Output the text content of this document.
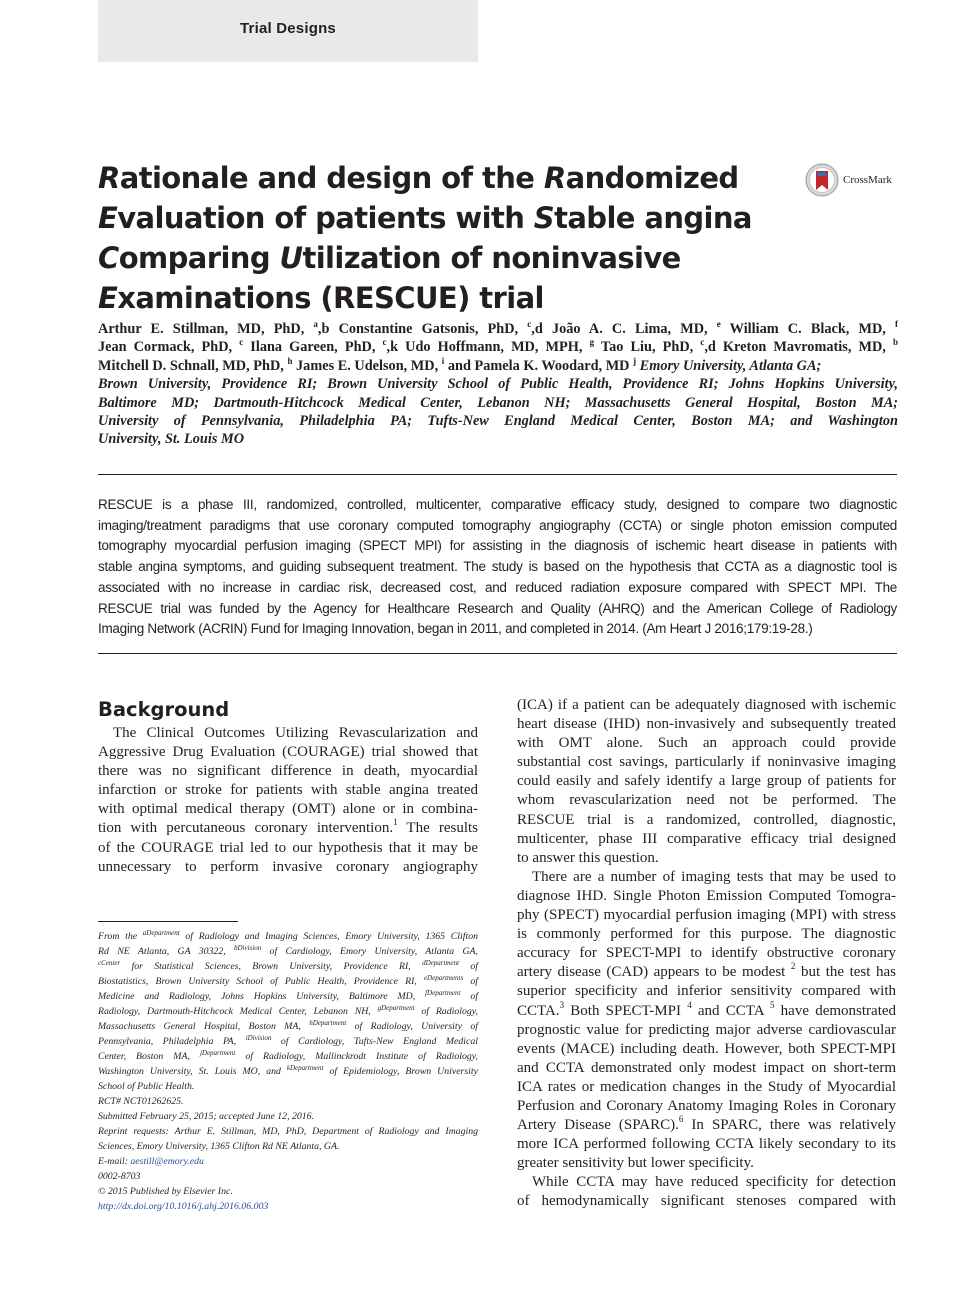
Trial Designs
Rationale and design of the Randomized
Evaluation of patients with Stable angina
Comparing Utilization of noninvasive
Examinations (RESCUE) trial
CrossMark
Arthur E. Stillman, MD, PhD, $^a$,b Constantine Gatsonis, PhD, $^c$,d João A. C. Lima, MD, $^e$ William C. Black, MD, $^f$
Jean Cormack, PhD, $^c$ Ilana Gareen, PhD, $^c$,k Udo Hoffmann, MD, MPH, $^g$ Tao Liu, PhD, $^c$,d Kreton Mavromatis, MD, $^b$
Mitchell D. Schnall, MD, PhD, $^h$ James E. Udelson, MD, $^i$ and Pamela K. Woodard, MD $^j$ Emory University, Atlanta GA;
Brown University, Providence RI; Brown University School of Public Health, Providence RI; Johns Hopkins University,
Baltimore MD; Dartmouth-Hitchcock Medical Center, Lebanon NH; Massachusetts General Hospital, Boston MA;
University of Pennsylvania, Philadelphia PA; Tufts-New England Medical Center, Boston MA; and Washington
University, St. Louis MO
RESCUE is a phase III, randomized, controlled, multicenter, comparative efficacy study, designed to compare two diagnostic
imaging/treatment paradigms that use coronary computed tomography angiography (CCTA) or single photon emission computed
tomography myocardial perfusion imaging (SPECT MPI) for assisting in the diagnosis of ischemic heart disease in patients with
stable angina symptoms, and guiding subsequent treatment. The study is based on the hypothesis that CCTA as a diagnostic tool is
associated with no increase in cardiac risk, decreased cost, and reduced radiation exposure compared with SPECT MPI. The
RESCUE trial was funded by the Agency for Healthcare Research and Quality (AHRQ) and the American College of Radiology
Imaging Network (ACRIN) Fund for Imaging Innovation, began in 2011, and completed in 2014. (Am Heart J 2016;179:19-28.)
Background

The Clinical Outcomes Utilizing Revascularization and
Aggressive Drug Evaluation (COURAGE) trial showed that
there was no significant difference in death, myocardial
infarction or stroke for patients with stable angina treated
with optimal medical therapy (OMT) alone or in combina-
tion with percutaneous coronary intervention.$^1$ The results
of the COURAGE trial led to our hypothesis that it may be
unnecessary to perform invasive coronary angiography

(ICA) if a patient can be adequately diagnosed with ischemic
heart disease (IHD) non-invasively and subsequently treated
with OMT alone. Such an approach could provide
substantial cost savings, particularly if noninvasive imaging
could easily and safely identify a large group of patients for
whom revascularization need not be performed. The
RESCUE trial is a randomized, controlled, diagnostic,
multicenter, phase III comparative efficacy trial designed
to answer this question.

There are a number of imaging tests that may be used to
diagnose IHD. Single Photon Emission Computed Tomogra-
phy (SPECT) myocardial perfusion imaging (MPI) with stress
is commonly performed for this purpose. The diagnostic
accuracy for SPECT-MPI to identify obstructive coronary
artery disease (CAD) appears to be modest $^2$ but the test has
superior specificity and inferior sensitivity compared with
CCTA.$^3$ Both SPECT-MPI $^4$ and CCTA $^5$ have demonstrated
prognostic value for predicting major adverse cardiovascular
events (MACE) including death. However, both SPECT-MPI
and CCTA demonstrated only modest impact on short-term
ICA rates or medication changes in the Study of Myocardial
Perfusion and Coronary Anatomy Imaging Roles in Coronary
Artery Disease (SPARC).$^6$ In SPARC, there was relatively
more ICA performed following CCTA likely secondary to its
greater sensitivity but lower specificity.

While CCTA may have reduced specificity for detection
of hemodynamically significant stenoses compared with

From the $^{aDepartment}$ of Radiology and Imaging Sciences, Emory University, 1365 Clifton
Rd NE Atlanta, GA 30322, $^{bDivision}$ of Cardiology, Emory University, Atlanta GA,
$^{cCenter}$ for Statistical Sciences, Brown University, Providence RI, $^{dDepartment}$ of
Biostatistics, Brown University School of Public Health, Providence RI, $^{eDepartments}$ of
Medicine and Radiology, Johns Hopkins University, Baltimore MD, $^{fDepartment}$ of
Radiology, Dartmouth-Hitchcock Medical Center, Lebanon NH, $^{gDepartment}$ of Radiology,
Massachusetts General Hospital, Boston MA, $^{hDepartment}$ of Radiology, University of
Pennsylvania, Philadelphia PA, $^{iDivision}$ of Cardiology, Tufts-New England Medical
Center, Boston MA, $^{jDepartment}$ of Radiology, Mallinckrodt Institute of Radiology,
Washington University, St. Louis MO, and $^{kDepartment}$ of Epidemiology, Brown University
School of Public Health.
RCT# NCT01262625.
Submitted February 25, 2015; accepted June 12, 2016.
Reprint requests: Arthur E. Stillman, MD, PhD, Department of Radiology and Imaging
Sciences, Emory University, 1365 Clifton Rd NE Atlanta, GA.
E-mail: aestill@emory.edu
0002-8703
© 2015 Published by Elsevier Inc.
http://dx.doi.org/10.1016/j.ahj.2016.06.003
